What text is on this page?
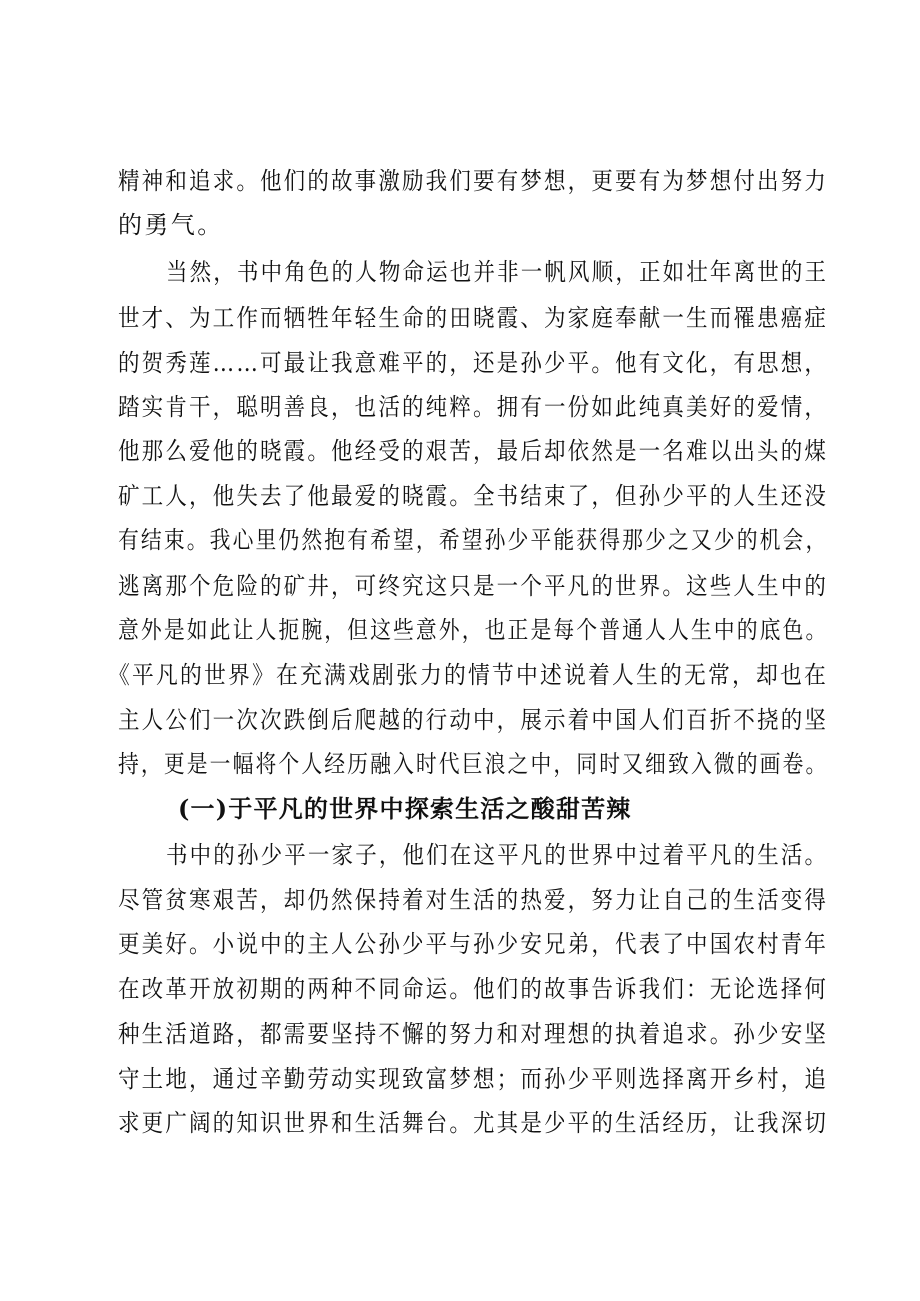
精神和追求。他们的故事激励我们要有梦想，更要有为梦想付出努力
的勇气。
当然，书中角色的人物命运也并非一帆风顺，正如壮年离世的王
世才、为工作而牺牲年轻生命的田晓霞、为家庭奉献一生而罹患癌症
的贺秀莲……可最让我意难平的，还是孙少平。他有文化，有思想，
踏实肯干，聪明善良，也活的纯粹。拥有一份如此纯真美好的爱情，
他那么爱他的晓霞。他经受的艰苦，最后却依然是一名难以出头的煤
矿工人，他失去了他最爱的晓霞。全书结束了，但孙少平的人生还没
有结束。我心里仍然抱有希望，希望孙少平能获得那少之又少的机会，
逃离那个危险的矿井，可终究这只是一个平凡的世界。这些人生中的
意外是如此让人扼腕，但这些意外，也正是每个普通人人生中的底色。
《平凡的世界》在充满戏剧张力的情节中述说着人生的无常，却也在
主人公们一次次跌倒后爬越的行动中，展示着中国人们百折不挠的坚
持，更是一幅将个人经历融入时代巨浪之中，同时又细致入微的画卷。
(一)于平凡的世界中探索生活之酸甜苦辣
书中的孙少平一家子，他们在这平凡的世界中过着平凡的生活。
尽管贫寒艰苦，却仍然保持着对生活的热爱，努力让自己的生活变得
更美好。小说中的主人公孙少平与孙少安兄弟，代表了中国农村青年
在改革开放初期的两种不同命运。他们的故事告诉我们：无论选择何
种生活道路，都需要坚持不懈的努力和对理想的执着追求。孙少安坚
守土地，通过辛勤劳动实现致富梦想；而孙少平则选择离开乡村，追
求更广阔的知识世界和生活舞台。尤其是少平的生活经历，让我深切
